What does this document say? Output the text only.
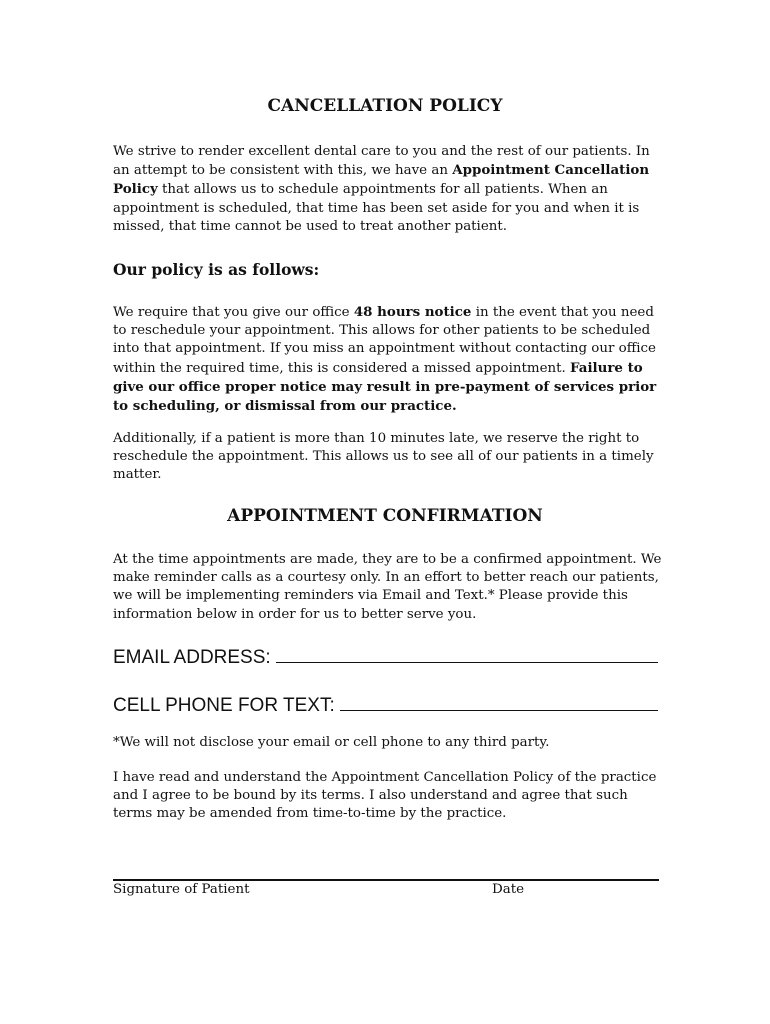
CANCELLATION POLICY

We strive to render excellent dental care to you and the rest of our patients. In an attempt to be consistent with this, we have an Appointment Cancellation Policy that allows us to schedule appointments for all patients. When an appointment is scheduled, that time has been set aside for you and when it is missed, that time cannot be used to treat another patient.

Our policy is as follows:

We require that you give our office 48 hours notice in the event that you need to reschedule your appointment. This allows for other patients to be scheduled into that appointment. If you miss an appointment without contacting our office within the required time, this is considered a missed appointment. Failure to give our office proper notice may result in pre-payment of services prior to scheduling, or dismissal from our practice.

Additionally, if a patient is more than 10 minutes late, we reserve the right to reschedule the appointment. This allows us to see all of our patients in a timely matter.

APPOINTMENT CONFIRMATION

At the time appointments are made, they are to be a confirmed appointment. We make reminder calls as a courtesy only. In an effort to better reach our patients, we will be implementing reminders via Email and Text.* Please provide this information below in order for us to better serve you.

EMAIL ADDRESS:
CELL PHONE FOR TEXT:

*We will not disclose your email or cell phone to any third party.

I have read and understand the Appointment Cancellation Policy of the practice and I agree to be bound by its terms. I also understand and agree that such terms may be amended from time-to-time by the practice.

Signature of Patient	Date
